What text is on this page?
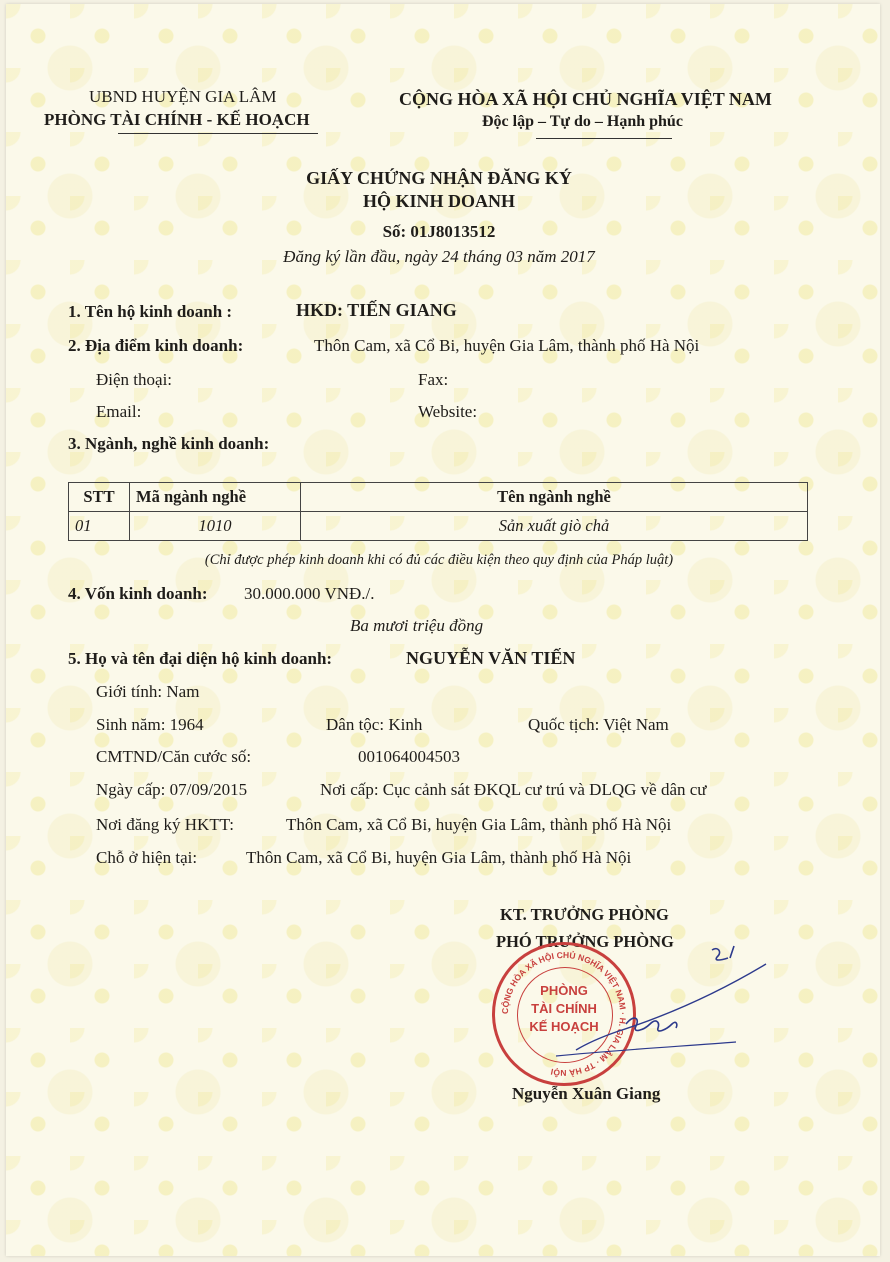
UBND HUYỆN GIA LÂM
PHÒNG TÀI CHÍNH - KẾ HOẠCH
CỘNG HÒA XÃ HỘI CHỦ NGHĨA VIỆT NAM
Độc lập – Tự do – Hạnh phúc
GIẤY CHỨNG NHẬN ĐĂNG KÝ
HỘ KINH DOANH
Số: 01J8013512
Đăng ký lần đầu, ngày 24 tháng 03 năm 2017
1. Tên hộ kinh doanh :	HKD: TIẾN GIANG
2. Địa điểm kinh doanh:	Thôn Cam, xã Cổ Bi, huyện Gia Lâm, thành phố Hà Nội
Điện thoại:	Fax:
Email:	Website:
3. Ngành, nghề kinh doanh:
STT	Mã ngành nghề	Tên ngành nghề
01	1010	Sản xuất giò chả
(Chỉ được phép kinh doanh khi có đủ các điều kiện theo quy định của Pháp luật)
4. Vốn kinh doanh: 30.000.000 VNĐ./.
Ba mươi triệu đồng
5. Họ và tên đại diện hộ kinh doanh:	NGUYỄN VĂN TIẾN
Giới tính: Nam
Sinh năm: 1964	Dân tộc: Kinh	Quốc tịch: Việt Nam
CMTND/Căn cước số:	001064004503
Ngày cấp: 07/09/2015	Nơi cấp: Cục cảnh sát ĐKQL cư trú và DLQG về dân cư
Nơi đăng ký HKTT:	Thôn Cam, xã Cổ Bi, huyện Gia Lâm, thành phố Hà Nội
Chỗ ở hiện tại:	Thôn Cam, xã Cổ Bi, huyện Gia Lâm, thành phố Hà Nội
KT. TRƯỞNG PHÒNG
PHÓ TRƯỞNG PHÒNG
CỘNG HÒA XÃ HỘI CHỦ NGHĨA VIỆT NAM · H. GIA LÂM · TP HÀ NỘI
PHÒNG
TÀI CHÍNH
KẾ HOẠCH
Nguyễn Xuân Giang
